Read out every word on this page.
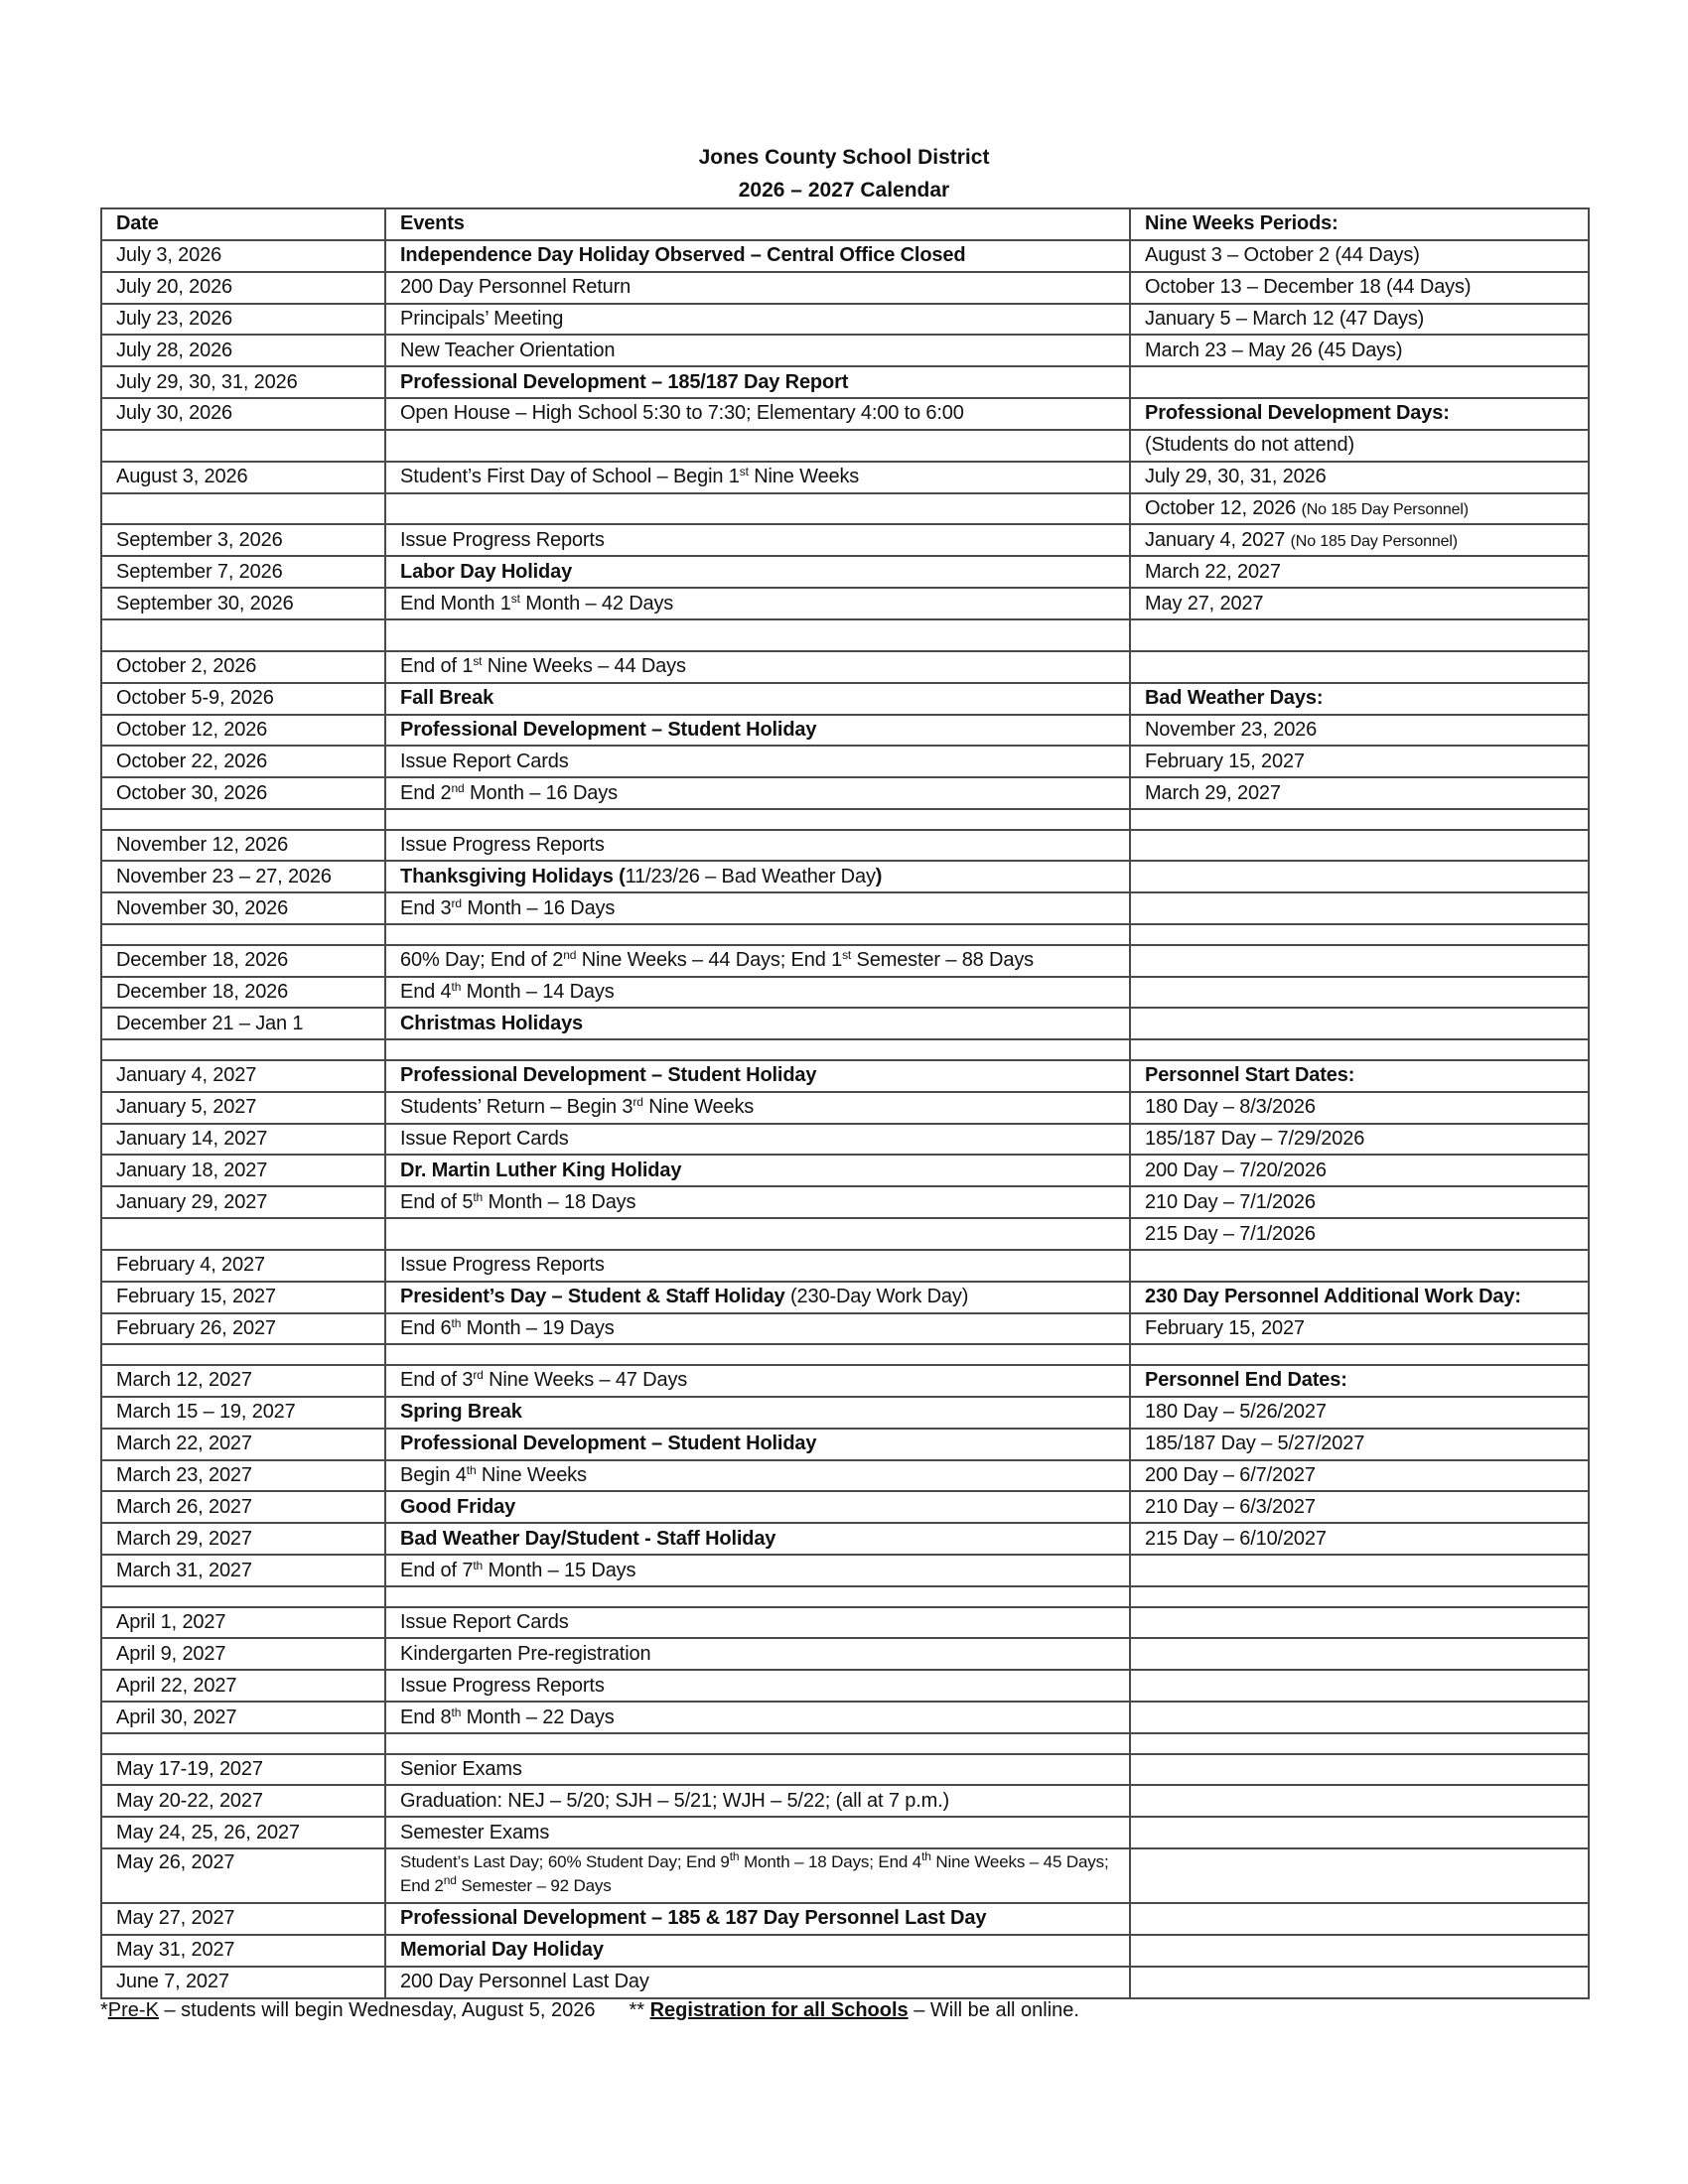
Jones County School District
2026 – 2027 Calendar
Date	Events	Nine Weeks Periods:
July 3, 2026	Independence Day Holiday Observed – Central Office Closed	August 3 – October 2 (44 Days)
July 20, 2026	200 Day Personnel Return	October 13 – December 18 (44 Days)
July 23, 2026	Principals’ Meeting	January 5 – March 12 (47 Days)
July 28, 2026	New Teacher Orientation	March 23 – May 26 (45 Days)
July 29, 30, 31, 2026	Professional Development – 185/187 Day Report	
July 30, 2026	Open House – High School 5:30 to 7:30; Elementary 4:00 to 6:00	Professional Development Days:
		(Students do not attend)
August 3, 2026	Student’s First Day of School – Begin 1st Nine Weeks	July 29, 30, 31, 2026
		October 12, 2026 (No 185 Day Personnel)
September 3, 2026	Issue Progress Reports	January 4, 2027 (No 185 Day Personnel)
September 7, 2026	Labor Day Holiday	March 22, 2027
September 30, 2026	End Month 1st Month – 42 Days	May 27, 2027

October 2, 2026	End of 1st Nine Weeks – 44 Days	
October 5-9, 2026	Fall Break	Bad Weather Days:
October 12, 2026	Professional Development – Student Holiday	November 23, 2026
October 22, 2026	Issue Report Cards	February 15, 2027
October 30, 2026	End 2nd Month – 16 Days	March 29, 2027

November 12, 2026	Issue Progress Reports	
November 23 – 27, 2026	Thanksgiving Holidays (11/23/26 – Bad Weather Day)	
November 30, 2026	End 3rd Month – 16 Days	

December 18, 2026	60% Day; End of 2nd Nine Weeks – 44 Days; End 1st Semester – 88 Days	
December 18, 2026	End 4th Month – 14 Days	
December 21 – Jan 1	Christmas Holidays	

January 4, 2027	Professional Development – Student Holiday	Personnel Start Dates:
January 5, 2027	Students’ Return – Begin 3rd Nine Weeks	180 Day – 8/3/2026
January 14, 2027	Issue Report Cards	185/187 Day – 7/29/2026
January 18, 2027	Dr. Martin Luther King Holiday	200 Day – 7/20/2026
January 29, 2027	End of 5th Month – 18 Days	210 Day – 7/1/2026
		215 Day – 7/1/2026
February 4, 2027	Issue Progress Reports	
February 15, 2027	President’s Day – Student & Staff Holiday (230-Day Work Day)	230 Day Personnel Additional Work Day:
February 26, 2027	End 6th Month – 19 Days	February 15, 2027

March 12, 2027	End of 3rd Nine Weeks – 47 Days	Personnel End Dates:
March 15 – 19, 2027	Spring Break	180 Day – 5/26/2027
March 22, 2027	Professional Development – Student Holiday	185/187 Day – 5/27/2027
March 23, 2027	Begin 4th Nine Weeks	200 Day – 6/7/2027
March 26, 2027	Good Friday	210 Day – 6/3/2027
March 29, 2027	Bad Weather Day/Student - Staff Holiday	215 Day – 6/10/2027
March 31, 2027	End of 7th Month – 15 Days	

April 1, 2027	Issue Report Cards	
April 9, 2027	Kindergarten Pre-registration	
April 22, 2027	Issue Progress Reports	
April 30, 2027	End 8th Month – 22 Days	

May 17-19, 2027	Senior Exams	
May 20-22, 2027	Graduation: NEJ – 5/20; SJH – 5/21; WJH – 5/22; (all at 7 p.m.)	
May 24, 25, 26, 2027	Semester Exams	
May 26, 2027	Student’s Last Day; 60% Student Day; End 9th Month – 18 Days; End 4th Nine Weeks – 45 Days; End 2nd Semester – 92 Days	
May 27, 2027	Professional Development – 185 & 187 Day Personnel Last Day	
May 31, 2027	Memorial Day Holiday	
June 7, 2027	200 Day Personnel Last Day	
*Pre-K – students will begin Wednesday, August 5, 2026 ** Registration for all Schools – Will be all online.
